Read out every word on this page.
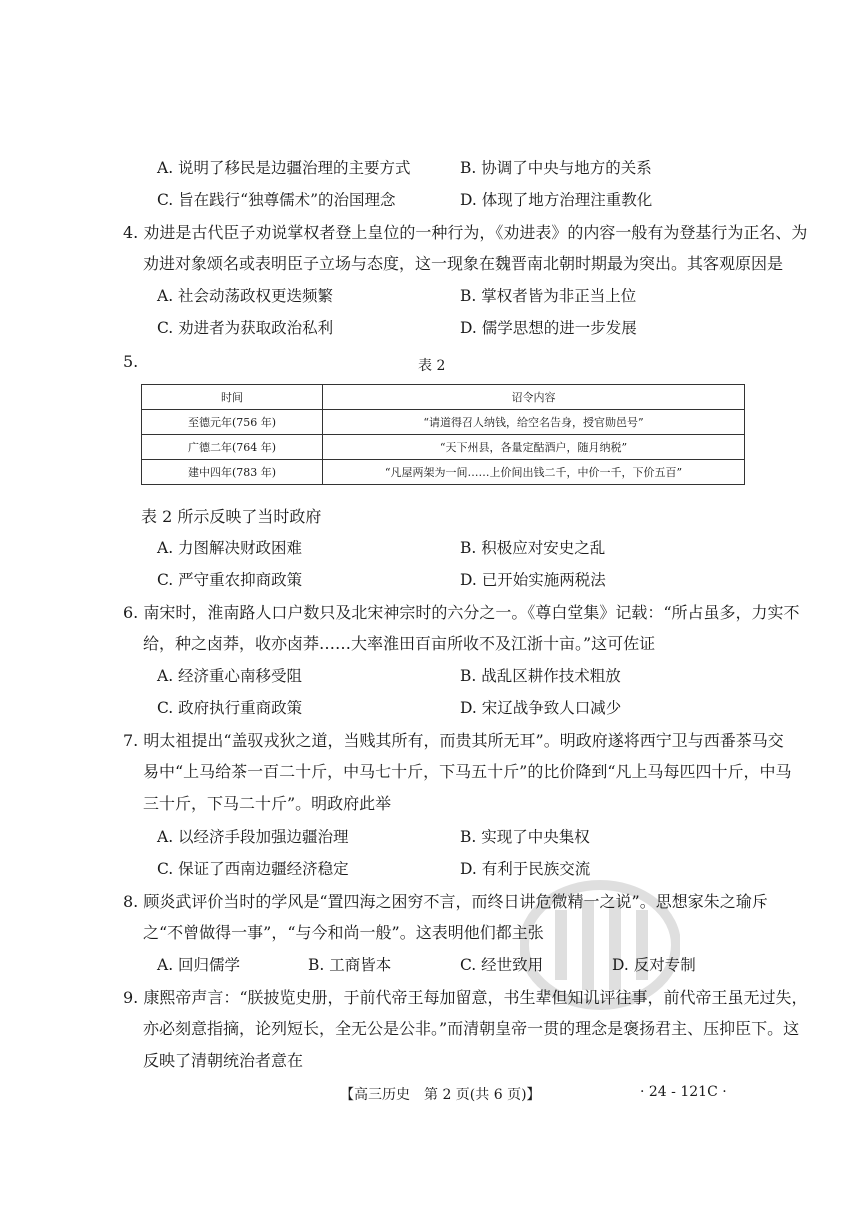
A. 说明了移民是边疆治理的主要方式	B. 协调了中央与地方的关系
C. 旨在践行“独尊儒术”的治国理念	D. 体现了地方治理注重教化
4. 劝进是古代臣子劝说掌权者登上皇位的一种行为，《劝进表》的内容一般有为登基行为正名、为
劝进对象颂名或表明臣子立场与态度，这一现象在魏晋南北朝时期最为突出。其客观原因是
A. 社会动荡政权更迭频繁	B. 掌权者皆为非正当上位
C. 劝进者为获取政治私利	D. 儒学思想的进一步发展
5.	表 2
时间	诏令内容
至德元年(756 年)	“请道得召人纳钱，给空名告身，授官勋邑号”
广德二年(764 年)	“天下州县，各量定酤酒户，随月纳税”
建中四年(783 年)	“凡屋两架为一间……上价间出钱二千，中价一千，下价五百”
表 2 所示反映了当时政府
A. 力图解决财政困难	B. 积极应对安史之乱
C. 严守重农抑商政策	D. 已开始实施两税法
6. 南宋时，淮南路人口户数只及北宋神宗时的六分之一。《尊白堂集》记载：“所占虽多，力实不
给，种之卤莽，收亦卤莽……大率淮田百亩所收不及江浙十亩。”这可佐证
A. 经济重心南移受阻	B. 战乱区耕作技术粗放
C. 政府执行重商政策	D. 宋辽战争致人口减少
7. 明太祖提出“盖驭戎狄之道，当贱其所有，而贵其所无耳”。明政府遂将西宁卫与西番茶马交
易中“上马给茶一百二十斤，中马七十斤，下马五十斤”的比价降到“凡上马每匹四十斤，中马
三十斤，下马二十斤”。明政府此举
A. 以经济手段加强边疆治理	B. 实现了中央集权
C. 保证了西南边疆经济稳定	D. 有利于民族交流
8. 顾炎武评价当时的学风是“置四海之困穷不言，而终日讲危微精一之说”。思想家朱之瑜斥
之“不曾做得一事”，“与今和尚一般”。这表明他们都主张
A. 回归儒学	B. 工商皆本	C. 经世致用	D. 反对专制
9. 康熙帝声言：“朕披览史册，于前代帝王每加留意，书生辈但知讥评往事，前代帝王虽无过失，
亦必刻意指摘，论列短长，全无公是公非。”而清朝皇帝一贯的理念是褒扬君主、压抑臣下。这
反映了清朝统治者意在
【高三历史　第 2 页(共 6 页)】	· 24 - 121C ·
